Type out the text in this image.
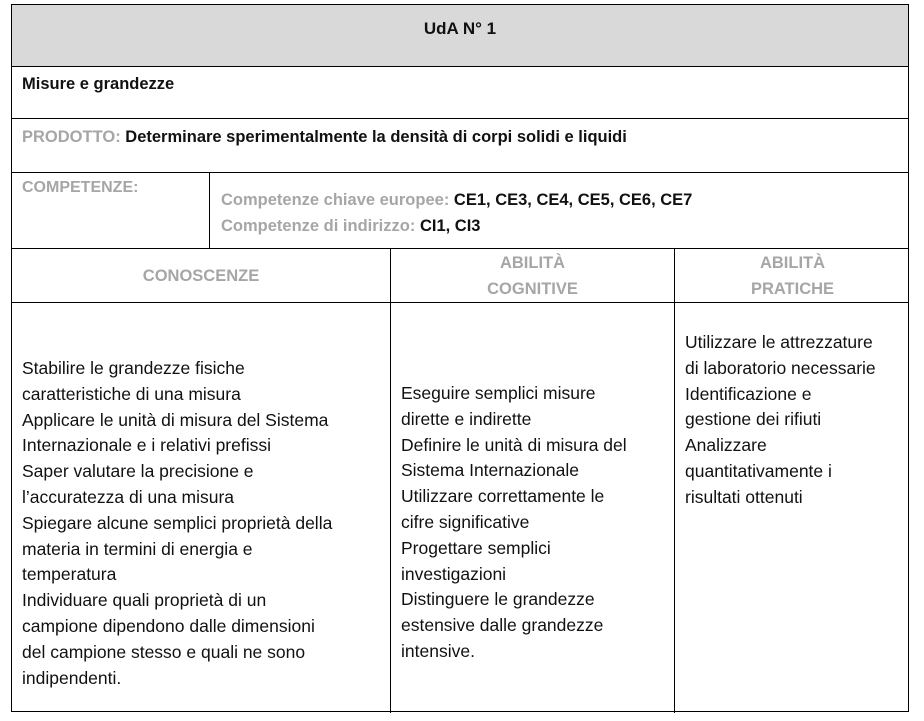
UdA N° 1
Misure e grandezze
PRODOTTO: Determinare sperimentalmente la densità di corpi solidi e liquidi
COMPETENZE:
Competenze chiave europee: CE1, CE3, CE4, CE5, CE6, CE7
Competenze di indirizzo: CI1, CI3
CONOSCENZE
ABILITÀ
COGNITIVE
ABILITÀ
PRATICHE
Stabilire le grandezze fisiche
caratteristiche di una misura
Applicare le unità di misura del Sistema
Internazionale e i relativi prefissi
Saper valutare la precisione e
l’accuratezza di una misura
Spiegare alcune semplici proprietà della
materia in termini di energia e
temperatura
Individuare quali proprietà di un
campione dipendono dalle dimensioni
del campione stesso e quali ne sono
indipendenti.
Eseguire semplici misure
dirette e indirette
Definire le unità di misura del
Sistema Internazionale
Utilizzare correttamente le
cifre significative
Progettare semplici
investigazioni
Distinguere le grandezze
estensive dalle grandezze
intensive.
Utilizzare le attrezzature
di laboratorio necessarie
Identificazione e
gestione dei rifiuti
Analizzare
quantitativamente i
risultati ottenuti
